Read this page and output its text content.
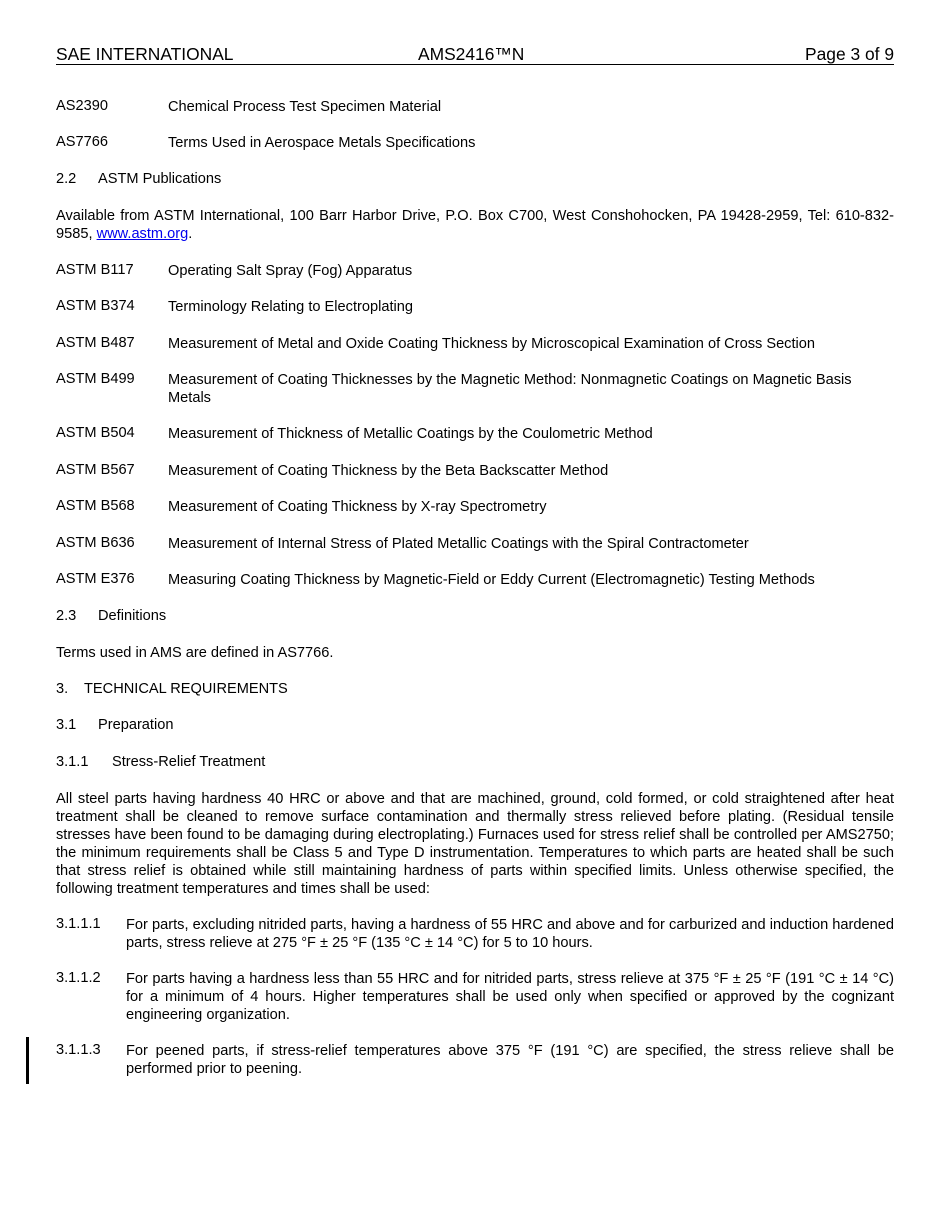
SAE INTERNATIONAL	AMS2416™N	Page 3 of 9
AS2390	Chemical Process Test Specimen Material
AS7766	Terms Used in Aerospace Metals Specifications
2.2 ASTM Publications
Available from ASTM International, 100 Barr Harbor Drive, P.O. Box C700, West Conshohocken, PA 19428-2959, Tel: 610-832-9585, www.astm.org.
ASTM B117 Operating Salt Spray (Fog) Apparatus
ASTM B374 Terminology Relating to Electroplating
ASTM B487 Measurement of Metal and Oxide Coating Thickness by Microscopical Examination of Cross Section
ASTM B499 Measurement of Coating Thicknesses by the Magnetic Method: Nonmagnetic Coatings on Magnetic Basis Metals
ASTM B504 Measurement of Thickness of Metallic Coatings by the Coulometric Method
ASTM B567 Measurement of Coating Thickness by the Beta Backscatter Method
ASTM B568 Measurement of Coating Thickness by X-ray Spectrometry
ASTM B636 Measurement of Internal Stress of Plated Metallic Coatings with the Spiral Contractometer
ASTM E376 Measuring Coating Thickness by Magnetic-Field or Eddy Current (Electromagnetic) Testing Methods
2.3 Definitions
Terms used in AMS are defined in AS7766.
3. TECHNICAL REQUIREMENTS
3.1 Preparation
3.1.1 Stress-Relief Treatment
All steel parts having hardness 40 HRC or above and that are machined, ground, cold formed, or cold straightened after heat treatment shall be cleaned to remove surface contamination and thermally stress relieved before plating. (Residual tensile stresses have been found to be damaging during electroplating.) Furnaces used for stress relief shall be controlled per AMS2750; the minimum requirements shall be Class 5 and Type D instrumentation. Temperatures to which parts are heated shall be such that stress relief is obtained while still maintaining hardness of parts within specified limits. Unless otherwise specified, the following treatment temperatures and times shall be used:
3.1.1.1 For parts, excluding nitrided parts, having a hardness of 55 HRC and above and for carburized and induction hardened parts, stress relieve at 275 °F ± 25 °F (135 °C ± 14 °C) for 5 to 10 hours.
3.1.1.2 For parts having a hardness less than 55 HRC and for nitrided parts, stress relieve at 375 °F ± 25 °F (191 °C ± 14 °C) for a minimum of 4 hours. Higher temperatures shall be used only when specified or approved by the cognizant engineering organization.
3.1.1.3 For peened parts, if stress-relief temperatures above 375 °F (191 °C) are specified, the stress relieve shall be performed prior to peening.
